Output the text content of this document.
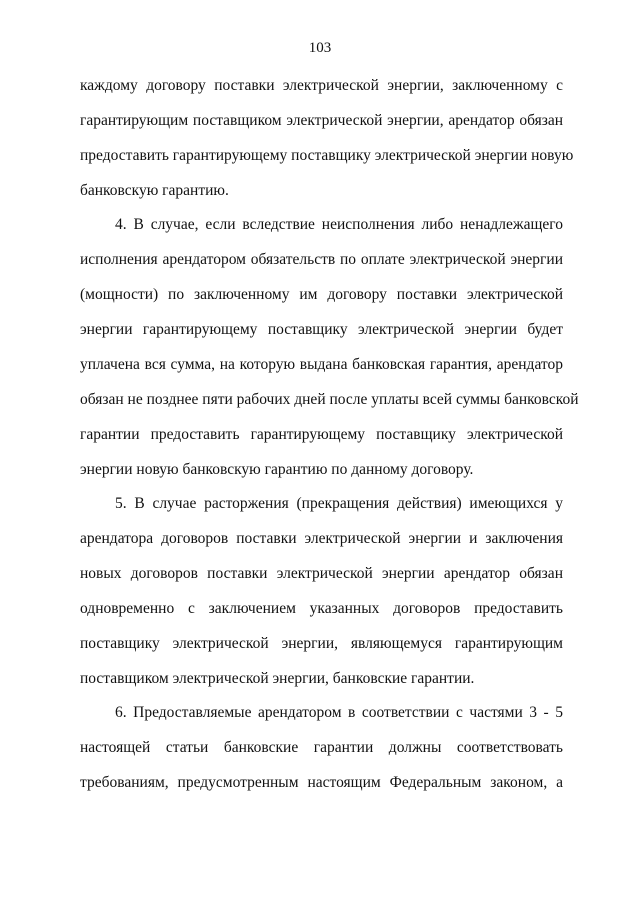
103
каждому договору поставки электрической энергии, заключенному с
гарантирующим поставщиком электрической энергии, арендатор обязан
предоставить гарантирующему поставщику электрической энергии новую
банковскую гарантию.
4. В случае, если вследствие неисполнения либо ненадлежащего
исполнения арендатором обязательств по оплате электрической энергии
(мощности) по заключенному им договору поставки электрической
энергии гарантирующему поставщику электрической энергии будет
уплачена вся сумма, на которую выдана банковская гарантия, арендатор
обязан не позднее пяти рабочих дней после уплаты всей суммы банковской
гарантии предоставить гарантирующему поставщику электрической
энергии новую банковскую гарантию по данному договору.
5. В случае расторжения (прекращения действия) имеющихся у
арендатора договоров поставки электрической энергии и заключения
новых договоров поставки электрической энергии арендатор обязан
одновременно с заключением указанных договоров предоставить
поставщику электрической энергии, являющемуся гарантирующим
поставщиком электрической энергии, банковские гарантии.
6. Предоставляемые арендатором в соответствии с частями 3 - 5
настоящей статьи банковские гарантии должны соответствовать
требованиям, предусмотренным настоящим Федеральным законом, а
